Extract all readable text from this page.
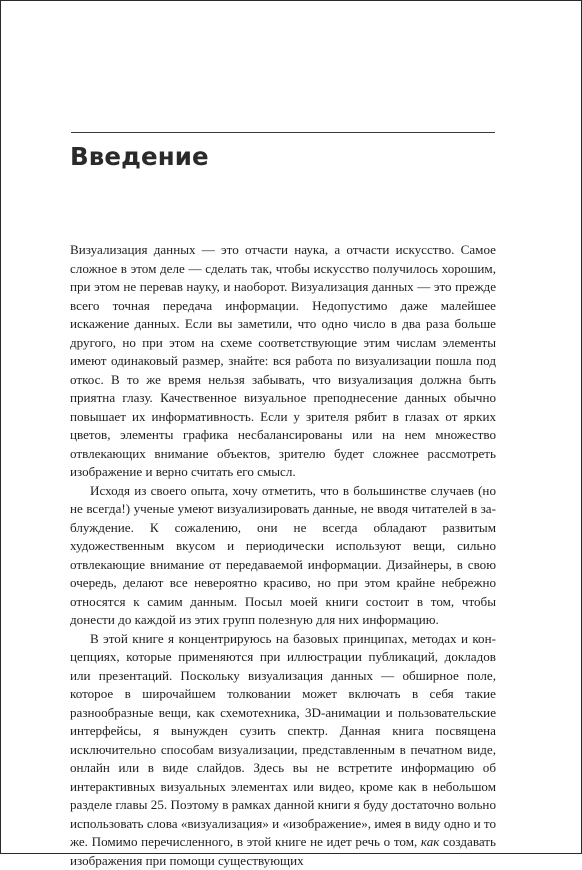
Введение

Визуализация данных — это отчасти наука, а отчасти искусство. Самое сложное в этом деле — сделать так, чтобы искусство получилось хорошим, при этом не перевав науку, и наоборот. Визуализация данных — это прежде всего точная передача информации. Недопустимо даже малейшее искажение данных. Если вы заметили, что одно число в два раза больше другого, но при этом на схеме соответствующие этим числам элементы имеют одинаковый размер, знайте: вся работа по визуализации пошла под откос. В то же время нельзя забывать, что визуализация должна быть приятна глазу. Качественное визуальное преподнесение данных обычно повышает их информативность. Если у зрителя рябит в глазах от ярких цветов, элементы графика несбалансированы или на нем множество отвлекающих внимание объектов, зрителю будет сложнее рассмотреть изображение и верно считать его смысл.

Исходя из своего опыта, хочу отметить, что в большинстве случаев (но не всегда!) ученые умеют визуализировать данные, не вводя читателей в заблуждение. К сожалению, они не всегда обладают развитым художественным вкусом и периодически используют вещи, сильно отвлекающие внимание от передаваемой информации. Дизайнеры, в свою очередь, делают все невероятно красиво, но при этом крайне небрежно относятся к самим данным. Посыл моей книги состоит в том, чтобы донести до каждой из этих групп полезную для них информацию.

В этой книге я концентрируюсь на базовых принципах, методах и концепциях, которые применяются при иллюстрации публикаций, докладов или презентаций. Поскольку визуализация данных — обширное поле, которое в широчайшем толковании может включать в себя такие разнообразные вещи, как схемотехника, 3D-анимации и пользовательские интерфейсы, я вынужден сузить спектр. Данная книга посвящена исключительно способам визуализации, представленным в печатном виде, онлайн или в виде слайдов. Здесь вы не встретите информацию об интерактивных визуальных элементах или видео, кроме как в небольшом разделе главы 25. Поэтому в рамках данной книги я буду достаточно вольно использовать слова «визуализация» и «изображение», имея в виду одно и то же. Помимо перечисленного, в этой книге не идет речь о том, как создавать изображения при помощи существующих
